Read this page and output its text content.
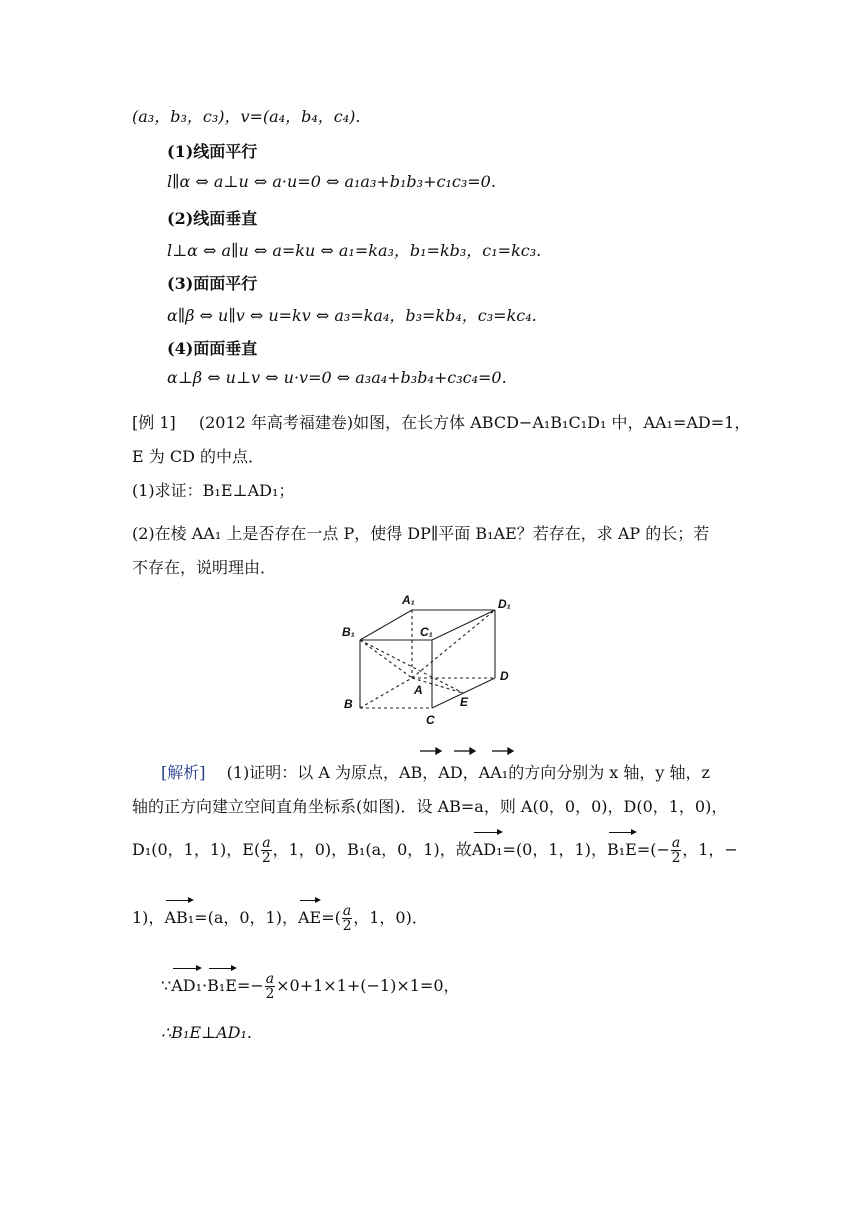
(a₃，b₃，c₃)，v=(a₄，b₄，c₄).
(1)线面平行
l∥α ⇔ a⊥u ⇔ a·u=0 ⇔ a₁a₃+b₁b₃+c₁c₃=0.
(2)线面垂直
l⊥α ⇔ a∥u ⇔ a=ku ⇔ a₁=ka₃，b₁=kb₃，c₁=kc₃.
(3)面面平行
α∥β ⇔ u∥v ⇔ u=kv ⇔ a₃=ka₄，b₃=kb₄，c₃=kc₄.
(4)面面垂直
α⊥β ⇔ u⊥v ⇔ u·v=0 ⇔ a₃a₄+b₃b₄+c₃c₄=0.
[例 1] (2012 年高考福建卷)如图，在长方体 ABCD−A₁B₁C₁D₁ 中，AA₁=AD=1，
E 为 CD 的中点．
(1)求证：B₁E⊥AD₁；
(2)在棱 AA₁ 上是否存在一点 P，使得 DP∥平面 B₁AE？若存在，求 AP 的长；若
不存在，说明理由．
A₁	D₁
B₁	C₁
D
A
B
C
E
[解析] (1)证明：以 A 为原点，AB，AD，AA₁的方向分别为 x 轴，y 轴，z
轴的正方向建立空间直角坐标系(如图)．设 AB=a，则 A(0，0，0)，D(0，1，0)，
D₁(0，1，1)，$E( \frac{a}{2}$ ，1，0)，B₁(a，0，1)，故AD₁=(0，1，1)，$B_1E=(- \frac{a}{2}$ ，1，−
1)，AB₁=(a，0，1)，$AE=( \frac{a}{2}$ ，1，0)．
∵AD₁·B₁E=− $\frac{a}{2} \times 0+1\times 1+(-1)\times 1=0$，
∴B₁E⊥AD₁.
